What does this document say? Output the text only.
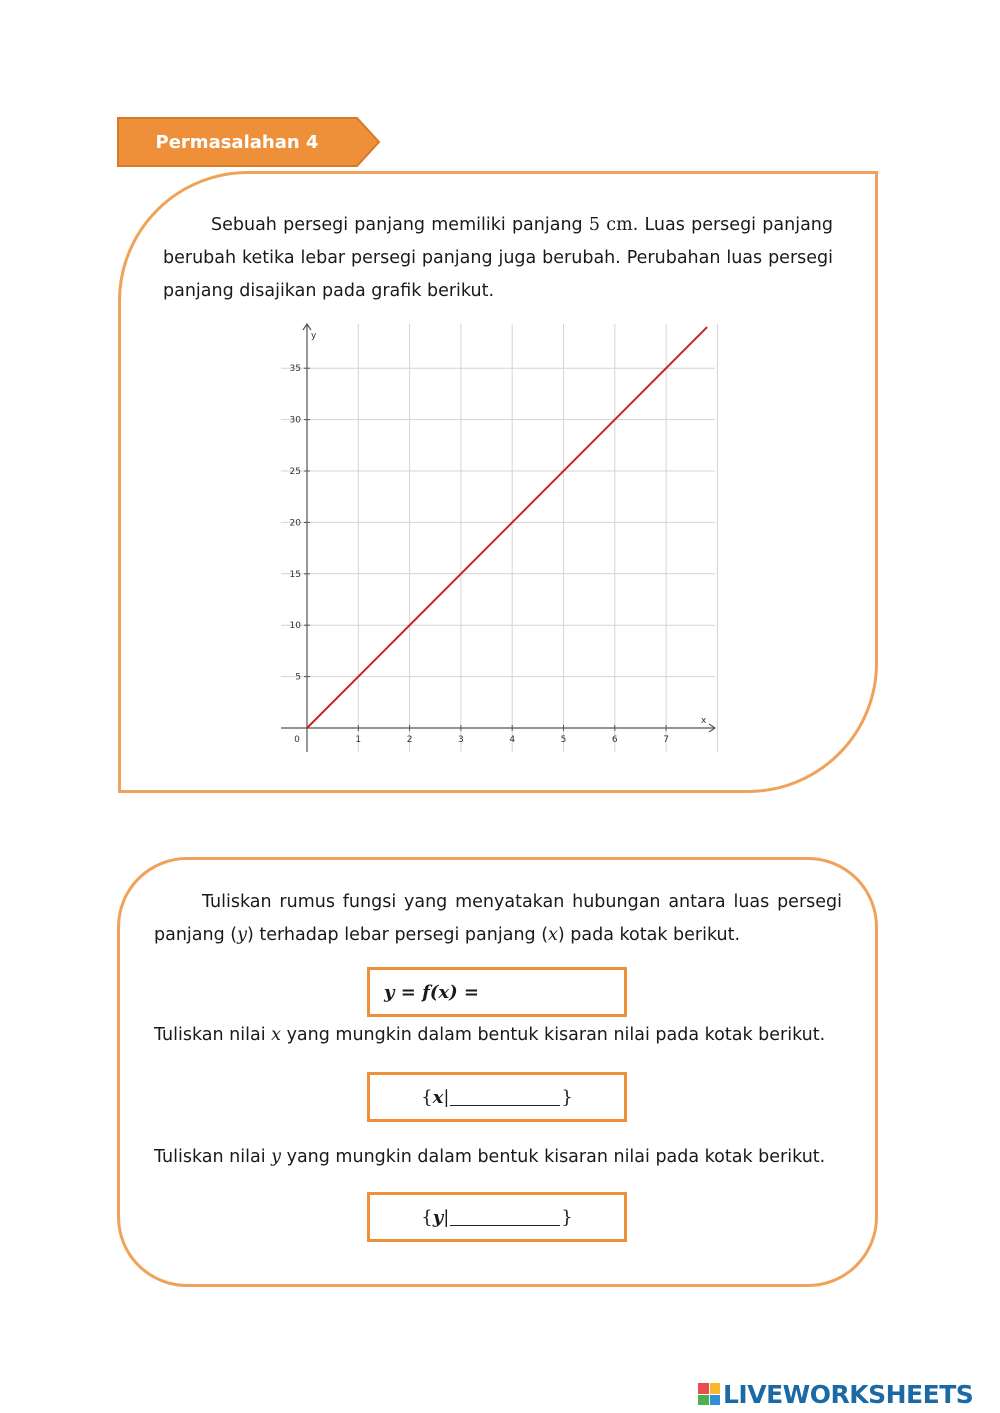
Permasalahan 4
Sebuah persegi panjang memiliki panjang 5 cm. Luas persegi panjang berubah ketika lebar persegi panjang juga berubah. Perubahan luas persegi panjang disajikan pada grafik berikut.
y
x
0	1	2	3	4	5	6	7
5
10
15
20
25
30
35
Tuliskan rumus fungsi yang menyatakan hubungan antara luas persegi panjang (y) terhadap lebar persegi panjang (x) pada kotak berikut.
y = f(x) =
Tuliskan nilai x yang mungkin dalam bentuk kisaran nilai pada kotak berikut.
{ x |	}
Tuliskan nilai y yang mungkin dalam bentuk kisaran nilai pada kotak berikut.
{ y |	}
LIVEWORKSHEETS
